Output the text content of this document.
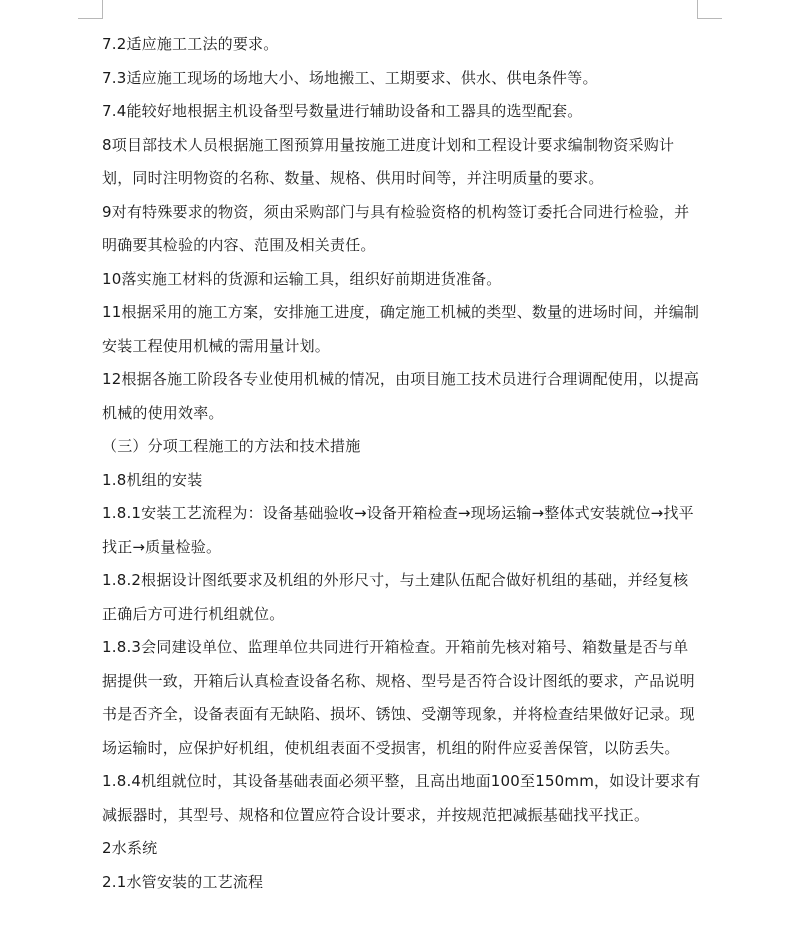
7.2适应施工工法的要求。

7.3适应施工现场的场地大小、场地搬工、工期要求、供水、供电条件等。

7.4能较好地根据主机设备型号数量进行辅助设备和工器具的选型配套。

8项目部技术人员根据施工图预算用量按施工进度计划和工程设计要求编制物资采购计划，同时注明物资的名称、数量、规格、供用时间等，并注明质量的要求。

9对有特殊要求的物资，须由采购部门与具有检验资格的机构签订委托合同进行检验，并明确要其检验的内容、范围及相关责任。

10落实施工材料的货源和运输工具，组织好前期进货准备。

11根据采用的施工方案，安排施工进度，确定施工机械的类型、数量的进场时间，并编制安装工程使用机械的需用量计划。

12根据各施工阶段各专业使用机械的情况，由项目施工技术员进行合理调配使用，以提高机械的使用效率。

（三）分项工程施工的方法和技术措施

1.8机组的安装

1.8.1安装工艺流程为：设备基础验收→设备开箱检查→现场运输→整体式安装就位→找平找正→质量检验。

1.8.2根据设计图纸要求及机组的外形尺寸，与土建队伍配合做好机组的基础，并经复核正确后方可进行机组就位。

1.8.3会同建设单位、监理单位共同进行开箱检查。开箱前先核对箱号、箱数量是否与单据提供一致，开箱后认真检查设备名称、规格、型号是否符合设计图纸的要求，产品说明书是否齐全，设备表面有无缺陷、损坏、锈蚀、受潮等现象，并将检查结果做好记录。现场运输时，应保护好机组，使机组表面不受损害，机组的附件应妥善保管，以防丢失。

1.8.4机组就位时，其设备基础表面必须平整，且高出地面100至150mm，如设计要求有减振器时，其型号、规格和位置应符合设计要求，并按规范把减振基础找平找正。

2水系统

2.1水管安装的工艺流程
